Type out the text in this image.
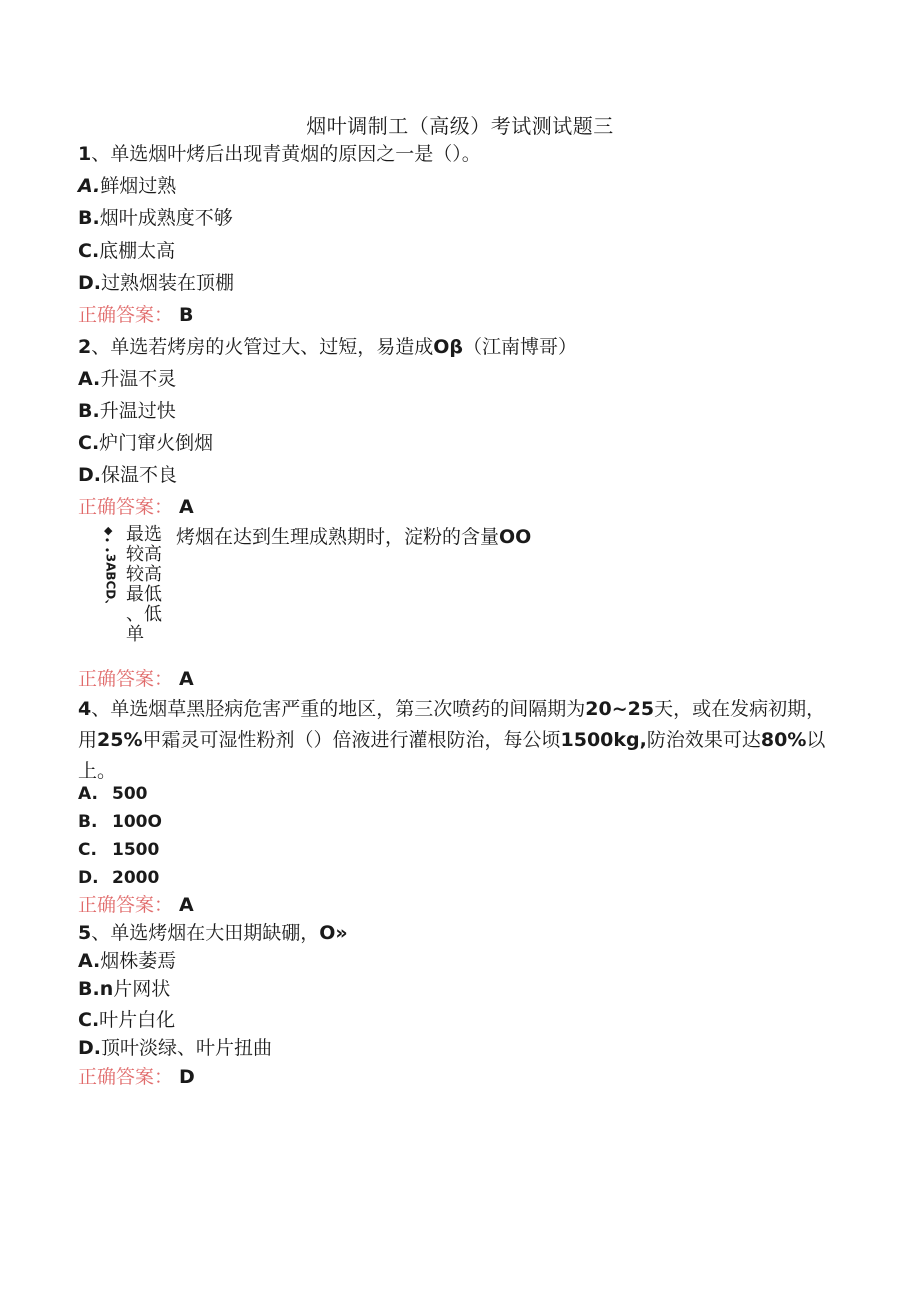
烟叶调制工（高级）考试测试题三
1、单选烟叶烤后出现青黄烟的原因之一是（）。
A.鲜烟过熟
B.烟叶成熟度不够
C.底棚太高
D.过熟烟装在顶棚
正确答案： B
2、单选若烤房的火管过大、过短，易造成Oβ（江南博哥）
A.升温不灵
B.升温过快
C.炉门窜火倒烟
D.保温不良
正确答案： A
◆
•
•
3ABCD、
最选
较高
较高
最低
、低
单
烤烟在达到生理成熟期时，淀粉的含量OO
正确答案： A
4、单选烟草黑胫病危害严重的地区，第三次喷药的间隔期为20~25天，或在发病初期，用25%甲霜灵可湿性粉剂（）倍液进行灌根防治，每公顷1500kg,防治效果可达80%以上。
A. 500
B. 100O
C. 1500
D. 2000
正确答案： A
5、单选烤烟在大田期缺硼，O»
A.烟株萎焉
B.n片网状
C.叶片白化
D.顶叶淡绿、叶片扭曲
正确答案： D
